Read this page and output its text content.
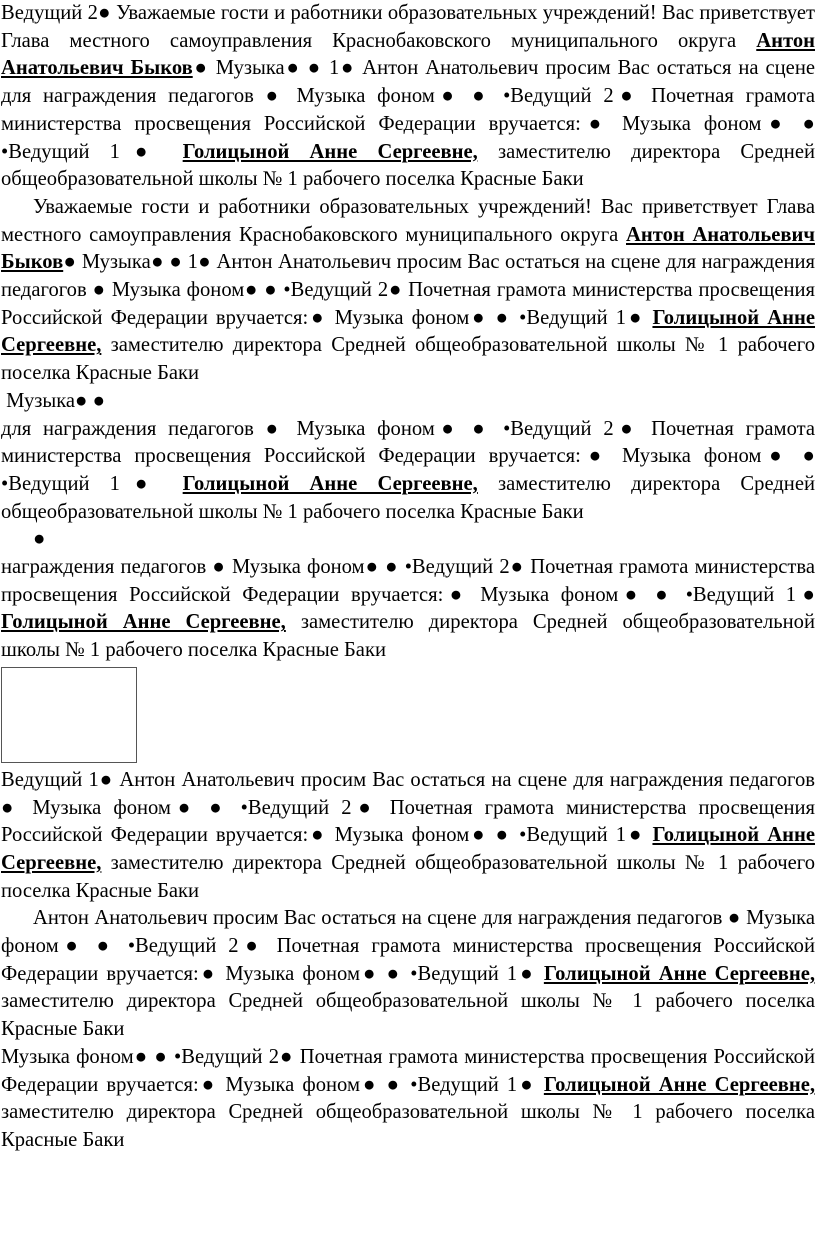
Ведущий 2● Уважаемые гости и работники образовательных учреждений! Вас приветствует Глава местного самоуправления Краснобаковского муниципального округа Антон Анатольевич Быков● Музыка● ● 1● Антон Анатольевич просим Вас остаться на сцене для награждения педагогов ● Музыка фоном● ● •Ведущий 2● Почетная грамота министерства просвещения Российской Федерации вручается:● Музыка фоном● ● •Ведущий 1● Голицыной Анне Сергеевне, заместителю директора Средней общеобразовательной школы № 1 рабочего поселка Красные Баки

Уважаемые гости и работники образовательных учреждений! Вас приветствует Глава местного самоуправления Краснобаковского муниципального округа Антон Анатольевич Быков● Музыка● ● 1● Антон Анатольевич просим Вас остаться на сцене для награждения педагогов ● Музыка фоном● ● •Ведущий 2● Почетная грамота министерства просвещения Российской Федерации вручается:● Музыка фоном● ● •Ведущий 1● Голицыной Анне Сергеевне, заместителю директора Средней общеобразовательной школы № 1 рабочего поселка Красные Баки

Музыка● ●

для награждения педагогов ● Музыка фоном● ● •Ведущий 2● Почетная грамота министерства просвещения Российской Федерации вручается:● Музыка фоном● ● •Ведущий 1● Голицыной Анне Сергеевне, заместителю директора Средней общеобразовательной школы № 1 рабочего поселка Красные Баки

●

награждения педагогов ● Музыка фоном● ● •Ведущий 2● Почетная грамота министерства просвещения Российской Федерации вручается:● Музыка фоном● ● •Ведущий 1● Голицыной Анне Сергеевне, заместителю директора Средней общеобразовательной школы № 1 рабочего поселка Красные Баки

Ведущий 1● Антон Анатольевич просим Вас остаться на сцене для награждения педагогов ● Музыка фоном● ● •Ведущий 2● Почетная грамота министерства просвещения Российской Федерации вручается:● Музыка фоном● ● •Ведущий 1● Голицыной Анне Сергеевне, заместителю директора Средней общеобразовательной школы № 1 рабочего поселка Красные Баки

Антон Анатольевич просим Вас остаться на сцене для награждения педагогов ● Музыка фоном● ● •Ведущий 2● Почетная грамота министерства просвещения Российской Федерации вручается:● Музыка фоном● ● •Ведущий 1● Голицыной Анне Сергеевне, заместителю директора Средней общеобразовательной школы № 1 рабочего поселка Красные Баки

Музыка фоном● ● •Ведущий 2● Почетная грамота министерства просвещения Российской Федерации вручается:● Музыка фоном● ● •Ведущий 1● Голицыной Анне Сергеевне, заместителю директора Средней общеобразовательной школы № 1 рабочего поселка Красные Баки
